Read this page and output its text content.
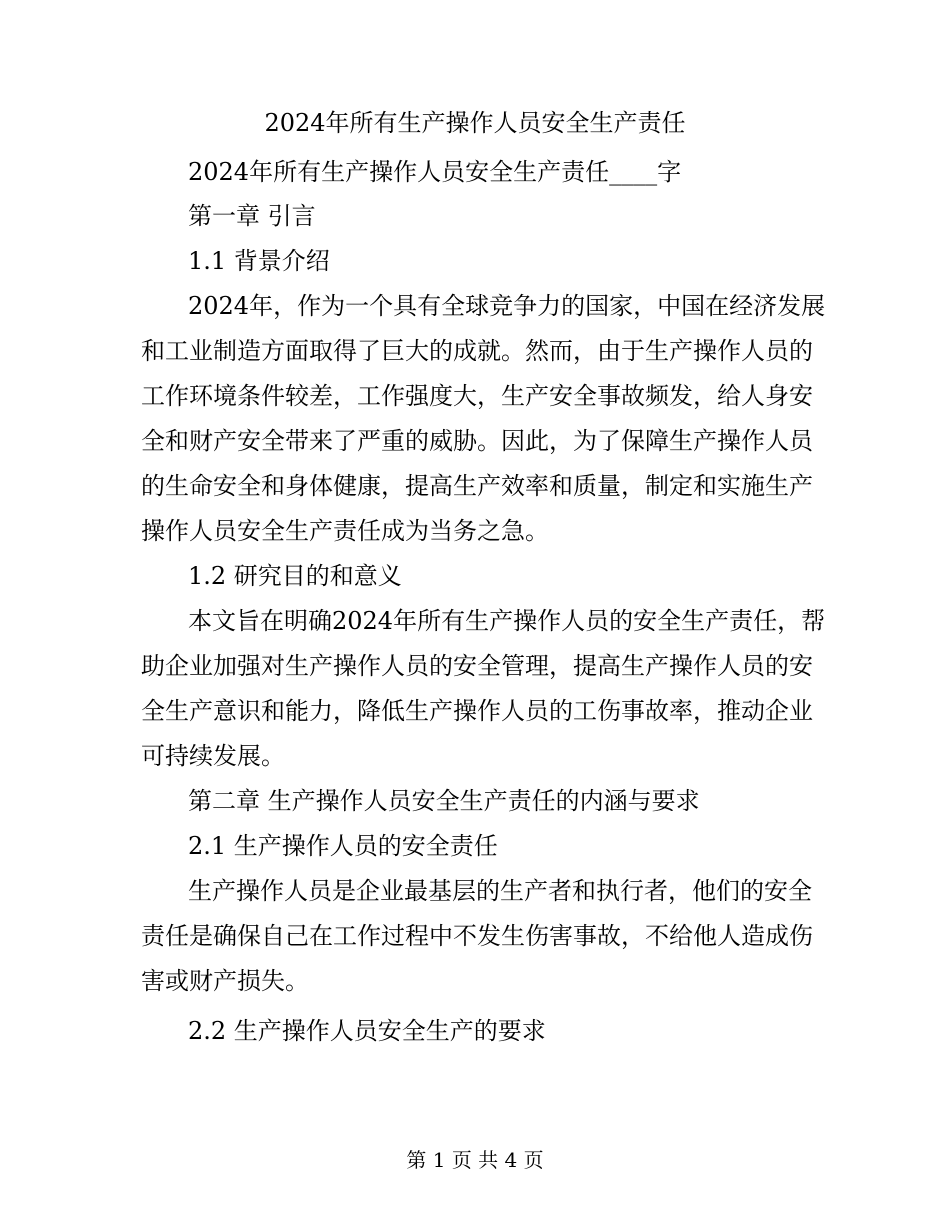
2024年所有生产操作人员安全生产责任
2024年所有生产操作人员安全生产责任____字
第一章 引言
1.1 背景介绍
2024年，作为一个具有全球竞争力的国家，中国在经济发展
和工业制造方面取得了巨大的成就。然而，由于生产操作人员的
工作环境条件较差，工作强度大，生产安全事故频发，给人身安
全和财产安全带来了严重的威胁。因此，为了保障生产操作人员
的生命安全和身体健康，提高生产效率和质量，制定和实施生产
操作人员安全生产责任成为当务之急。
1.2 研究目的和意义
本文旨在明确2024年所有生产操作人员的安全生产责任，帮
助企业加强对生产操作人员的安全管理，提高生产操作人员的安
全生产意识和能力，降低生产操作人员的工伤事故率，推动企业
可持续发展。
第二章 生产操作人员安全生产责任的内涵与要求
2.1 生产操作人员的安全责任
生产操作人员是企业最基层的生产者和执行者，他们的安全
责任是确保自己在工作过程中不发生伤害事故，不给他人造成伤
害或财产损失。
2.2 生产操作人员安全生产的要求
第 1 页 共 4 页
